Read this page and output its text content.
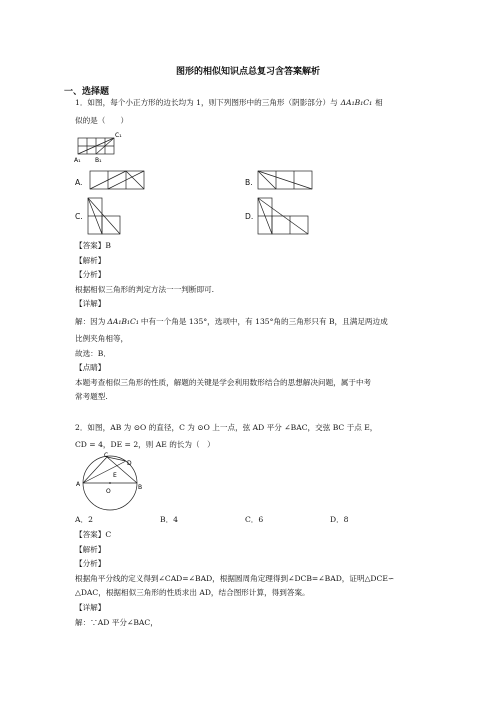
图形的相似知识点总复习含答案解析
一、选择题
1．如图，每个小正方形的边长均为 1，则下列图形中的三角形（阴影部分）与 ΔA₁B₁C₁ 相
似的是（　　）
C₁
A₁ B₁
A.	B.
C.	D.
【答案】B
【解析】
【分析】
根据相似三角形的判定方法一一判断即可.
【详解】
解：因为 ΔA₁B₁C₁ 中有一个角是 135°，选项中，有 135°角的三角形只有 B，且满足两边成
比例夹角相等，
故选：B．
【点睛】
本题考查相似三角形的性质，解题的关键是学会利用数形结合的思想解决问题，属于中考
常考题型.
2．如图，AB 为 ⊙O 的直径，C 为 ⊙O 上一点，弦 AD 平分 ∠BAC，交弦 BC 于点 E，
CD = 4，DE = 2，则 AE 的长为（　）
A	B
C
D
E
O
A．2	B．4	C．6	D．8
【答案】C
【解析】
【分析】
根据角平分线的定义得到∠CAD=∠BAD，根据圆周角定理得到∠DCB=∠BAD，证明△DCE∽
△DAC，根据相似三角形的性质求出 AD，结合图形计算，得到答案。
【详解】
解：∵AD 平分∠BAC，
